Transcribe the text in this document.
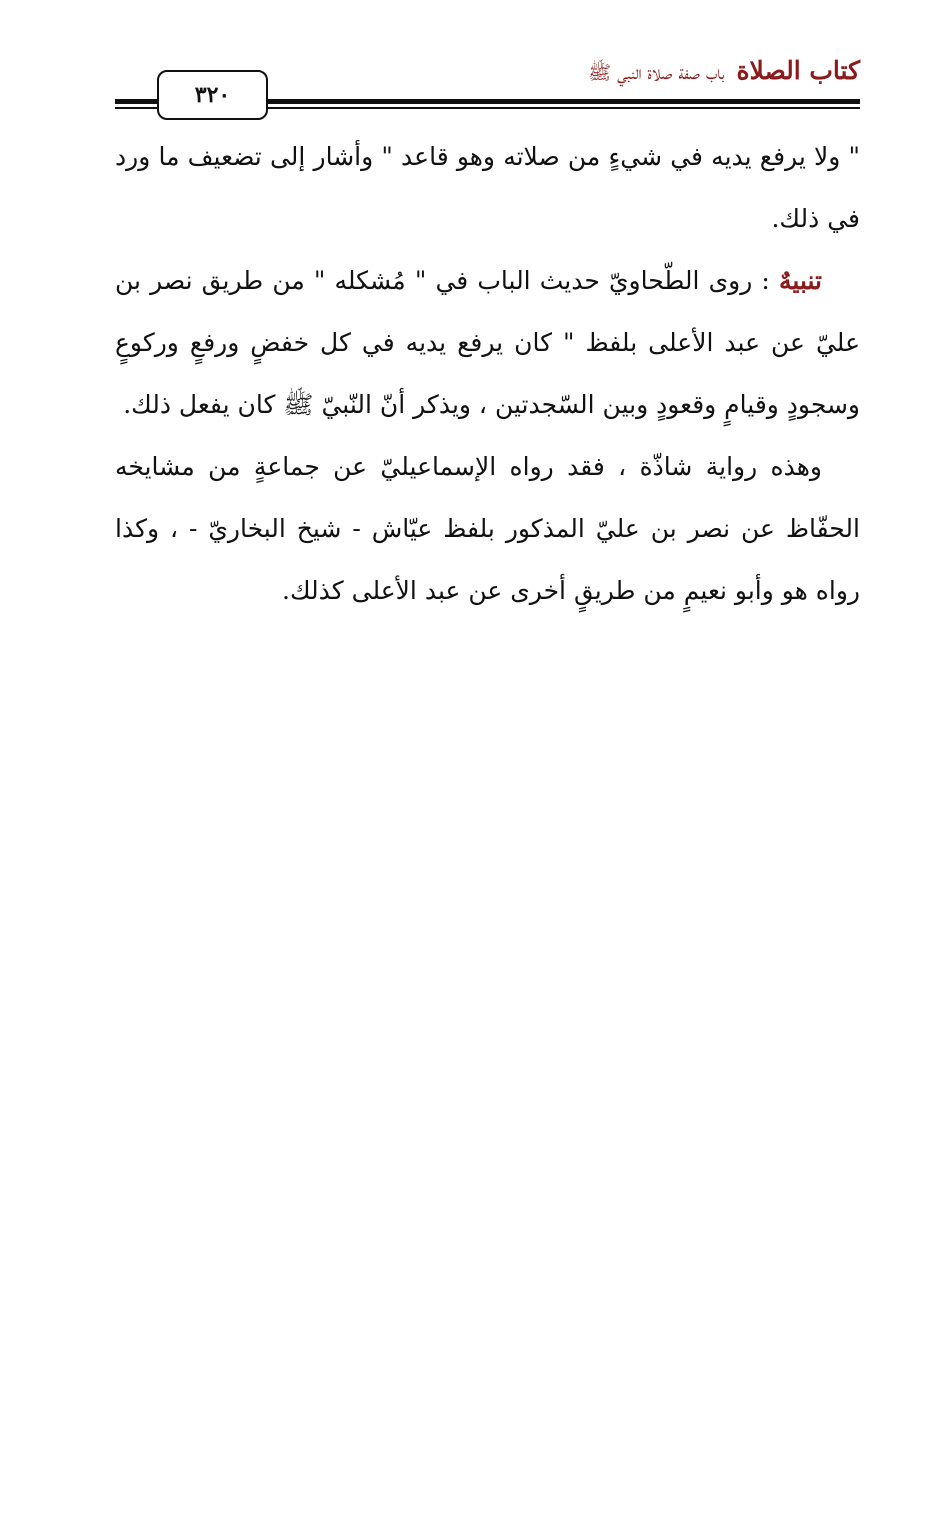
كتاب الصلاة باب صفة صلاة النبي ﷺ
٣٢٠

" ولا يرفع يديه في شيءٍ من صلاته وهو قاعد " وأشار إلى تضعيف ما ورد في ذلك.

تنبيهٌ : روى الطّحاويّ حديث الباب في " مُشكله " من طريق نصر بن عليّ عن عبد الأعلى بلفظ " كان يرفع يديه في كل خفضٍ ورفعٍ وركوعٍ وسجودٍ وقيامٍ وقعودٍ وبين السّجدتين ، ويذكر أنّ النّبيّ ﷺ كان يفعل ذلك.

وهذه رواية شاذّة ، فقد رواه الإسماعيليّ عن جماعةٍ من مشايخه الحفّاظ عن نصر بن عليّ المذكور بلفظ عيّاش - شيخ البخاريّ - ، وكذا رواه هو وأبو نعيمٍ من طريقٍ أخرى عن عبد الأعلى كذلك.
